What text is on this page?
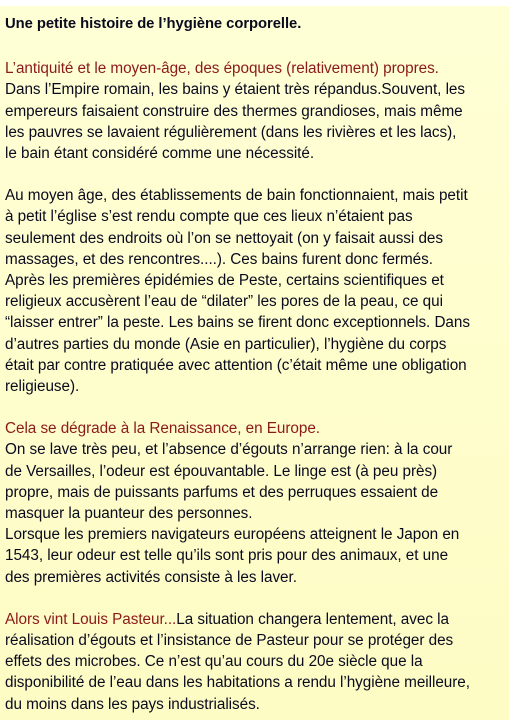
Une petite histoire de l’hygiène corporelle.
L’antiquité et le moyen-âge, des époques (relativement) propres.
Dans l’Empire romain, les bains y étaient très répandus.Souvent, les
empereurs faisaient construire des thermes grandioses, mais même
les pauvres se lavaient régulièrement (dans les rivières et les lacs),
le bain étant considéré comme une nécessité.
Au moyen âge, des établissements de bain fonctionnaient, mais petit
à petit l’église s’est rendu compte que ces lieux n’étaient pas
seulement des endroits où l’on se nettoyait (on y faisait aussi des
massages, et des rencontres....). Ces bains furent donc fermés.
Après les premières épidémies de Peste, certains scientifiques et
religieux accusèrent l’eau de “dilater” les pores de la peau, ce qui
“laisser entrer” la peste. Les bains se firent donc exceptionnels. Dans
d’autres parties du monde (Asie en particulier), l’hygiène du corps
était par contre pratiquée avec attention (c’était même une obligation
religieuse).
Cela se dégrade à la Renaissance, en Europe.
On se lave très peu, et l’absence d’égouts n’arrange rien: à la cour
de Versailles, l’odeur est épouvantable. Le linge est (à peu près)
propre, mais de puissants parfums et des perruques essaient de
masquer la puanteur des personnes.
Lorsque les premiers navigateurs européens atteignent le Japon en
1543, leur odeur est telle qu’ils sont pris pour des animaux, et une
des premières activités consiste à les laver.
Alors vint Louis Pasteur...La situation changera lentement, avec la
réalisation d’égouts et l’insistance de Pasteur pour se protéger des
effets des microbes. Ce n’est qu’au cours du 20e siècle que la
disponibilité de l’eau dans les habitations a rendu l’hygiène meilleure,
du moins dans les pays industrialisés.
